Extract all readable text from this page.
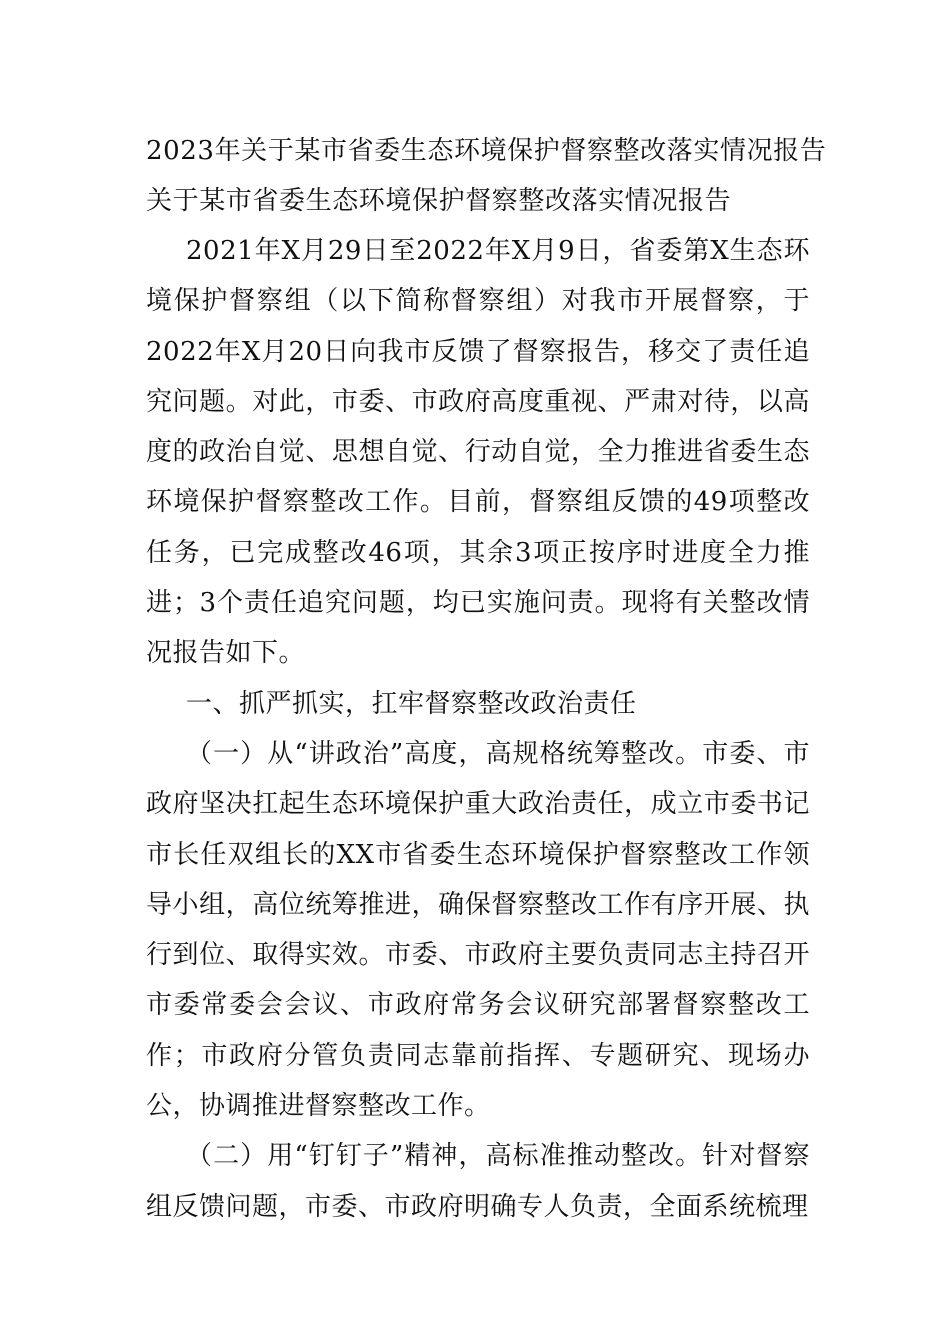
2023年关于某市省委生态环境保护督察整改落实情况报告
关于某市省委生态环境保护督察整改落实情况报告

2021年X月29日至2022年X月9日，省委第X生态环境保护督察组（以下简称督察组）对我市开展督察，于2022年X月20日向我市反馈了督察报告，移交了责任追究问题。对此，市委、市政府高度重视、严肃对待，以高度的政治自觉、思想自觉、行动自觉，全力推进省委生态环境保护督察整改工作。目前，督察组反馈的49项整改任务，已完成整改46项，其余3项正按序时进度全力推进；3个责任追究问题，均已实施问责。现将有关整改情况报告如下。

一、抓严抓实，扛牢督察整改政治责任

（一）从“讲政治”高度，高规格统筹整改。市委、市政府坚决扛起生态环境保护重大政治责任，成立市委书记市长任双组长的XX市省委生态环境保护督察整改工作领导小组，高位统筹推进，确保督察整改工作有序开展、执行到位、取得实效。市委、市政府主要负责同志主持召开市委常委会会议、市政府常务会议研究部署督察整改工作；市政府分管负责同志靠前指挥、专题研究、现场办公，协调推进督察整改工作。

（二）用“钉钉子”精神，高标准推动整改。针对督察组反馈问题，市委、市政府明确专人负责，全面系统梳理
